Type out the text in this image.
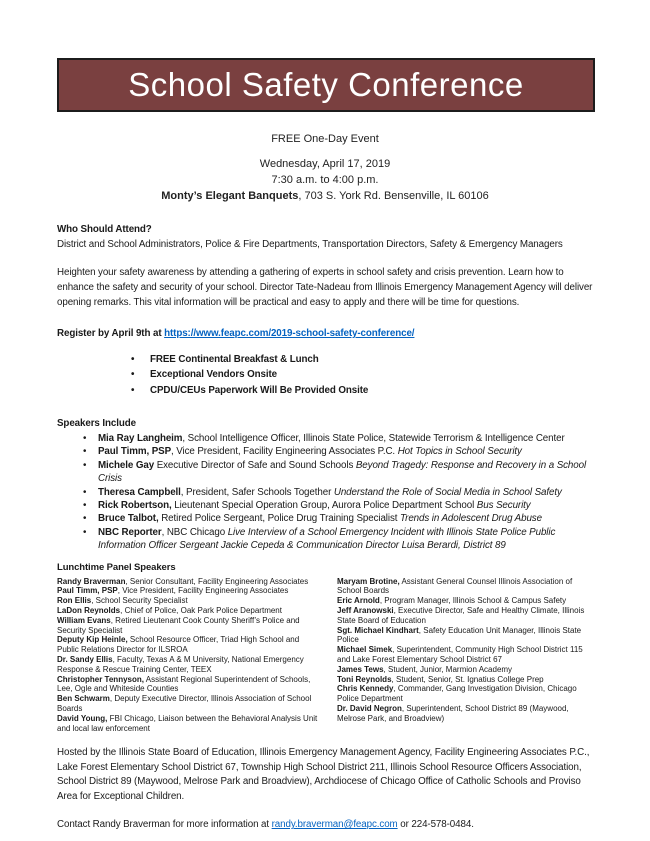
School Safety Conference
FREE One-Day Event
Wednesday, April 17, 2019
7:30 a.m. to 4:00 p.m.
Monty’s Elegant Banquets, 703 S. York Rd. Bensenville, IL 60106
Who Should Attend?
District and School Administrators, Police & Fire Departments, Transportation Directors, Safety & Emergency Managers

Heighten your safety awareness by attending a gathering of experts in school safety and crisis prevention. Learn how to enhance the safety and security of your school. Director Tate-Nadeau from Illinois Emergency Management Agency will deliver opening remarks. This vital information will be practical and easy to apply and there will be time for questions.

Register by April 9th at https://www.feapc.com/2019-school-safety-conference/
• FREE Continental Breakfast & Lunch
• Exceptional Vendors Onsite
• CPDU/CEUs Paperwork Will Be Provided Onsite
Speakers Include
• Mia Ray Langheim, School Intelligence Officer, Illinois State Police, Statewide Terrorism & Intelligence Center
• Paul Timm, PSP, Vice President, Facility Engineering Associates P.C. Hot Topics in School Security
• Michele Gay Executive Director of Safe and Sound Schools Beyond Tragedy: Response and Recovery in a School Crisis
• Theresa Campbell, President, Safer Schools Together Understand the Role of Social Media in School Safety
• Rick Robertson, Lieutenant Special Operation Group, Aurora Police Department School Bus Security
• Bruce Talbot, Retired Police Sergeant, Police Drug Training Specialist Trends in Adolescent Drug Abuse
• NBC Reporter, NBC Chicago Live Interview of a School Emergency Incident with Illinois State Police Public Information Officer Sergeant Jackie Cepeda & Communication Director Luisa Berardi, District 89
Lunchtime Panel Speakers
Randy Braverman, Senior Consultant, Facility Engineering Associates
Paul Timm, PSP, Vice President, Facility Engineering Associates
Ron Ellis, School Security Specialist
LaDon Reynolds, Chief of Police, Oak Park Police Department
William Evans, Retired Lieutenant Cook County Sheriff’s Police and Security Specialist
Deputy Kip Heinle, School Resource Officer, Triad High School and Public Relations Director for ILSROA
Dr. Sandy Ellis, Faculty, Texas A & M University, National Emergency Response & Rescue Training Center, TEEX
Christopher Tennyson, Assistant Regional Superintendent of Schools, Lee, Ogle and Whiteside Counties
Ben Schwarm, Deputy Executive Director, Illinois Association of School Boards
David Young, FBI Chicago, Liaison between the Behavioral Analysis Unit and local law enforcement
Maryam Brotine, Assistant General Counsel Illinois Association of School Boards
Eric Arnold, Program Manager, Illinois School & Campus Safety
Jeff Aranowski, Executive Director, Safe and Healthy Climate, Illinois State Board of Education
Sgt. Michael Kindhart, Safety Education Unit Manager, Illinois State Police
Michael Simek, Superintendent, Community High School District 115 and Lake Forest Elementary School District 67
James Tews, Student, Junior, Marmion Academy
Toni Reynolds, Student, Senior, St. Ignatius College Prep
Chris Kennedy, Commander, Gang Investigation Division, Chicago Police Department
Dr. David Negron, Superintendent, School District 89 (Maywood, Melrose Park, and Broadview)

Hosted by the Illinois State Board of Education, Illinois Emergency Management Agency, Facility Engineering Associates P.C., Lake Forest Elementary School District 67, Township High School District 211, Illinois School Resource Officers Association, School District 89 (Maywood, Melrose Park and Broadview), Archdiocese of Chicago Office of Catholic Schools and Proviso Area for Exceptional Children.

Contact Randy Braverman for more information at randy.braverman@feapc.com or 224-578-0484.
